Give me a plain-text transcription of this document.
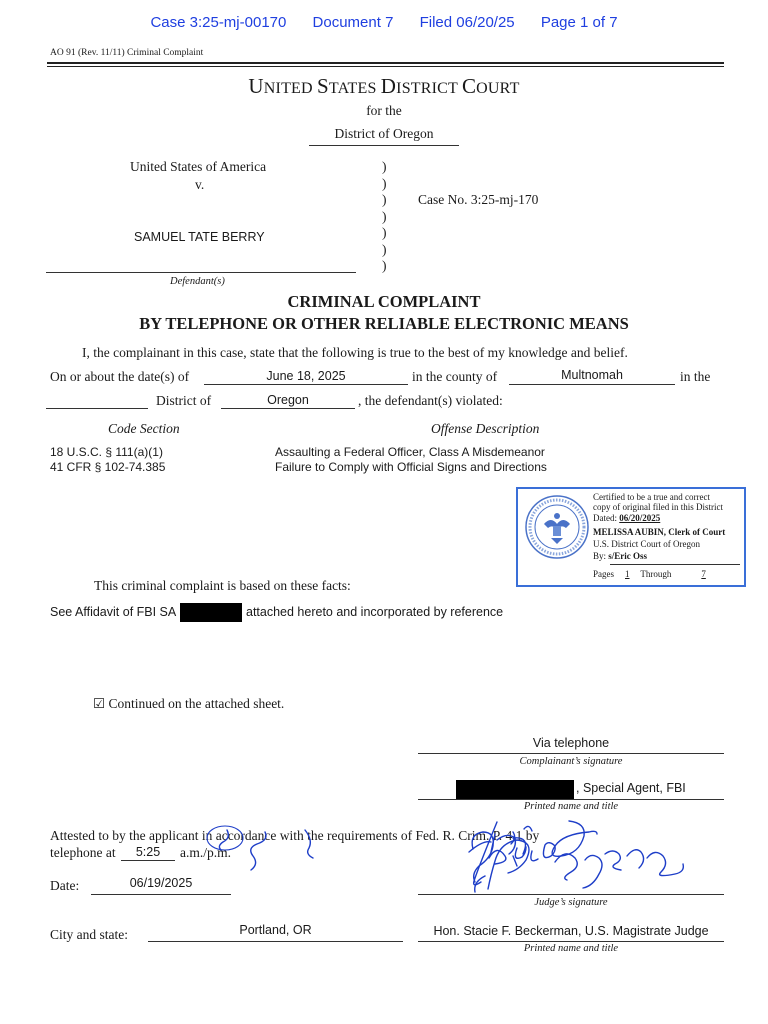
Case 3:25-mj-00170 Document 7 Filed 06/20/25 Page 1 of 7
AO 91 (Rev. 11/11) Criminal Complaint
UNITED STATES DISTRICT COURT
for the
District of Oregon
United States of America
v.
SAMUEL TATE BERRY
Defendant(s)
)
)
)
)
)
)
)
Case No. 3:25-mj-170
CRIMINAL COMPLAINT
BY TELEPHONE OR OTHER RELIABLE ELECTRONIC MEANS
I, the complainant in this case, state that the following is true to the best of my knowledge and belief.
On or about the date(s) of	June 18, 2025	in the county of	Multnomah	in the
District of	Oregon	, the defendant(s) violated:
Code Section	Offense Description
18 U.S.C. § 111(a)(1)	Assaulting a Federal Officer, Class A Misdemeanor
41 CFR § 102-74.385	Failure to Comply with Official Signs and Directions
Certified to be a true and correct
copy of original filed in this District
Dated: 06/20/2025
MELISSA AUBIN, Clerk of Court
U.S. District Court of Oregon
By: s/Eric Oss
Pages 1 Through	7
This criminal complaint is based on these facts:
See Affidavit of FBI SA	attached hereto and incorporated by reference
☑ Continued on the attached sheet.
Via telephone
Complainant’s signature
, Special Agent, FBI
Printed name and title
Attested to by the applicant in accordance with the requirements of Fed. R. Crim. P. 4.1 by
telephone at	5:25	a.m./p.m.
Date:	06/19/2025
Judge’s signature
City and state:	Portland, OR	Hon. Stacie F. Beckerman, U.S. Magistrate Judge
Printed name and title
